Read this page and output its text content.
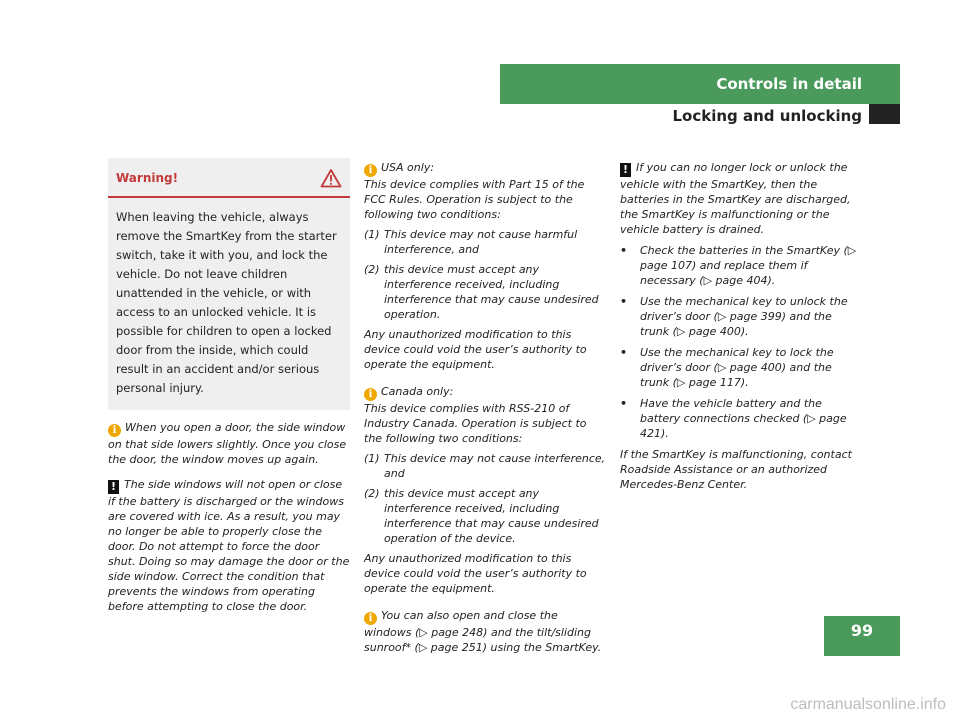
Controls in detail
Locking and unlocking
Warning!
When leaving the vehicle, always remove the SmartKey from the starter switch, take it with you, and lock the vehicle. Do not leave children unattended in the vehicle, or with access to an unlocked vehicle. It is possible for children to open a locked door from the inside, which could result in an accident and/or serious personal injury.

i When you open a door, the side window on that side lowers slightly. Once you close the door, the window moves up again.

! The side windows will not open or close if the battery is discharged or the windows are covered with ice. As a result, you may no longer be able to properly close the door. Do not attempt to force the door shut. Doing so may damage the door or the side window. Correct the condition that prevents the windows from operating before attempting to close the door.

i USA only:
This device complies with Part 15 of the FCC Rules. Operation is subject to the following two conditions:

(1) This device may not cause harmful interference, and
(2) this device must accept any interference received, including interference that may cause undesired operation.

Any unauthorized modification to this device could void the user’s authority to operate the equipment.

i Canada only:
This device complies with RSS-210 of Industry Canada. Operation is subject to the following two conditions:

(1) This device may not cause interference, and
(2) this device must accept any interference received, including interference that may cause undesired operation of the device.

Any unauthorized modification to this device could void the user’s authority to operate the equipment.

i You can also open and close the windows (▷ page 248) and the tilt/sliding sunroof* (▷ page 251) using the SmartKey.

! If you can no longer lock or unlock the vehicle with the SmartKey, then the batteries in the SmartKey are discharged, the SmartKey is malfunctioning or the vehicle battery is drained.

•	Check the batteries in the SmartKey (▷ page 107) and replace them if necessary (▷ page 404).
•	Use the mechanical key to unlock the driver’s door (▷ page 399) and the trunk (▷ page 400).
•	Use the mechanical key to lock the driver’s door (▷ page 400) and the trunk (▷ page 117).
•	Have the vehicle battery and the battery connections checked (▷ page 421).

If the SmartKey is malfunctioning, contact Roadside Assistance or an authorized Mercedes-Benz Center.

99
carmanualsonline.info
